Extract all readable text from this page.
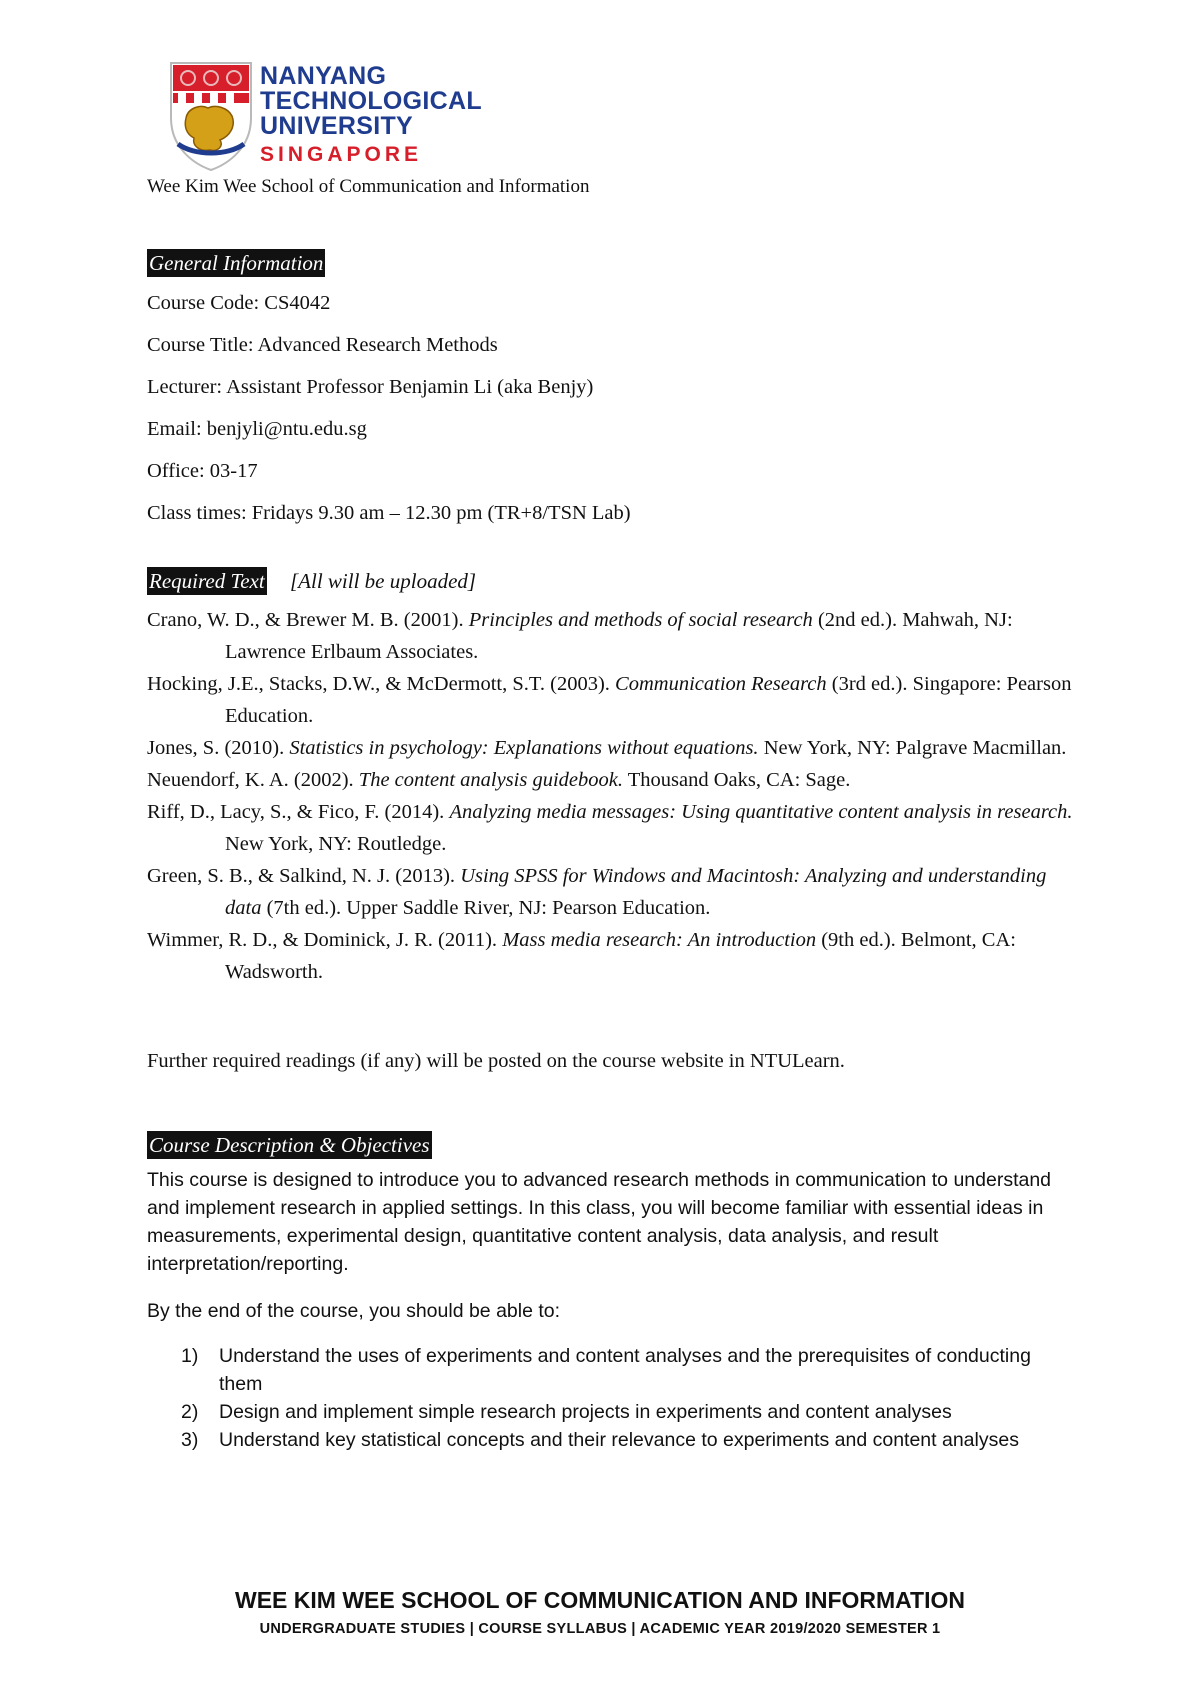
NANYANG
TECHNOLOGICAL
UNIVERSITY
SINGAPORE
Wee Kim Wee School of Communication and Information
General Information
Course Code: CS4042
Course Title: Advanced Research Methods
Lecturer: Assistant Professor Benjamin Li (aka Benjy)
Email: benjyli@ntu.edu.sg
Office: 03-17
Class times: Fridays 9.30 am – 12.30 pm (TR+8/TSN Lab)
Required Text [All will be uploaded]
Crano, W. D., & Brewer M. B. (2001). Principles and methods of social research (2nd ed.). Mahwah, NJ: Lawrence Erlbaum Associates.
Hocking, J.E., Stacks, D.W., & McDermott, S.T. (2003). Communication Research (3rd ed.). Singapore: Pearson Education.
Jones, S. (2010). Statistics in psychology: Explanations without equations. New York, NY: Palgrave Macmillan.
Neuendorf, K. A. (2002). The content analysis guidebook. Thousand Oaks, CA: Sage.
Riff, D., Lacy, S., & Fico, F. (2014). Analyzing media messages: Using quantitative content analysis in research. New York, NY: Routledge.
Green, S. B., & Salkind, N. J. (2013). Using SPSS for Windows and Macintosh: Analyzing and understanding data (7th ed.). Upper Saddle River, NJ: Pearson Education.
Wimmer, R. D., & Dominick, J. R. (2011). Mass media research: An introduction (9th ed.). Belmont, CA: Wadsworth.
Further required readings (if any) will be posted on the course website in NTULearn.
Course Description & Objectives
This course is designed to introduce you to advanced research methods in communication to understand and implement research in applied settings. In this class, you will become familiar with essential ideas in measurements, experimental design, quantitative content analysis, data analysis, and result interpretation/reporting.
By the end of the course, you should be able to:
1) Understand the uses of experiments and content analyses and the prerequisites of conducting them
2) Design and implement simple research projects in experiments and content analyses
3) Understand key statistical concepts and their relevance to experiments and content analyses
WEE KIM WEE SCHOOL OF COMMUNICATION AND INFORMATION
UNDERGRADUATE STUDIES | COURSE SYLLABUS | ACADEMIC YEAR 2019/2020 SEMESTER 1
